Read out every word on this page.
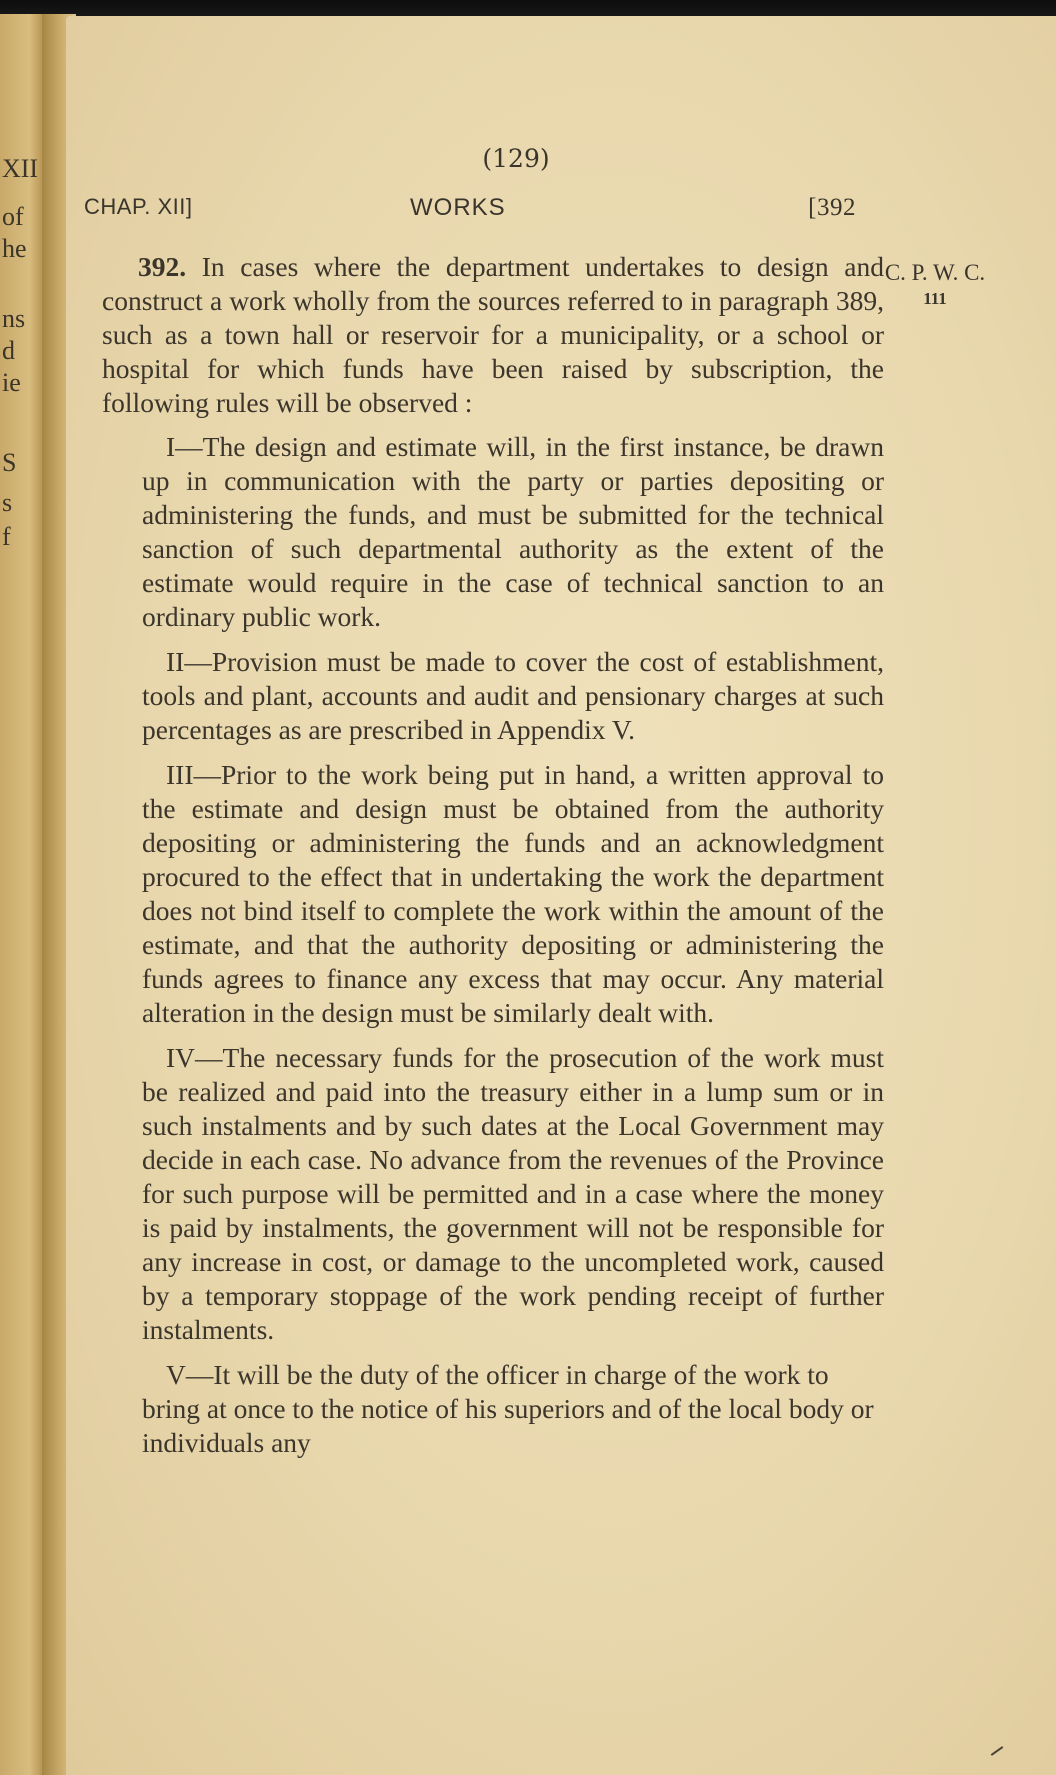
XII
of
he
ns
d
ie
S
s
f
(129)
CHAP. XII]	WORKS	[392
C. P. W. C.
111

392. In cases where the department undertakes to design and construct a work wholly from the sources referred to in paragraph 389, such as a town hall or reservoir for a municipality, or a school or hospital for which funds have been raised by subscription, the following rules will be observed :

I—The design and estimate will, in the first instance, be drawn up in communication with the party or parties depositing or administering the funds, and must be submitted for the technical sanction of such departmental authority as the extent of the estimate would require in the case of technical sanction to an ordinary public work.

II—Provision must be made to cover the cost of establishment, tools and plant, accounts and audit and pensionary charges at such percentages as are prescribed in Appendix V.

III—Prior to the work being put in hand, a written approval to the estimate and design must be obtained from the authority depositing or administering the funds and an acknowledgment procured to the effect that in undertaking the work the department does not bind itself to complete the work within the amount of the estimate, and that the authority depositing or administering the funds agrees to finance any excess that may occur. Any material alteration in the design must be similarly dealt with.

IV—The necessary funds for the prosecution of the work must be realized and paid into the treasury either in a lump sum or in such instalments and by such dates at the Local Government may decide in each case. No advance from the revenues of the Province for such purpose will be permitted and in a case where the money is paid by instalments, the government will not be responsible for any increase in cost, or damage to the uncompleted work, caused by a temporary stoppage of the work pending receipt of further instalments.

V—It will be the duty of the officer in charge of the work to bring at once to the notice of his superiors and of the local body or individuals any
